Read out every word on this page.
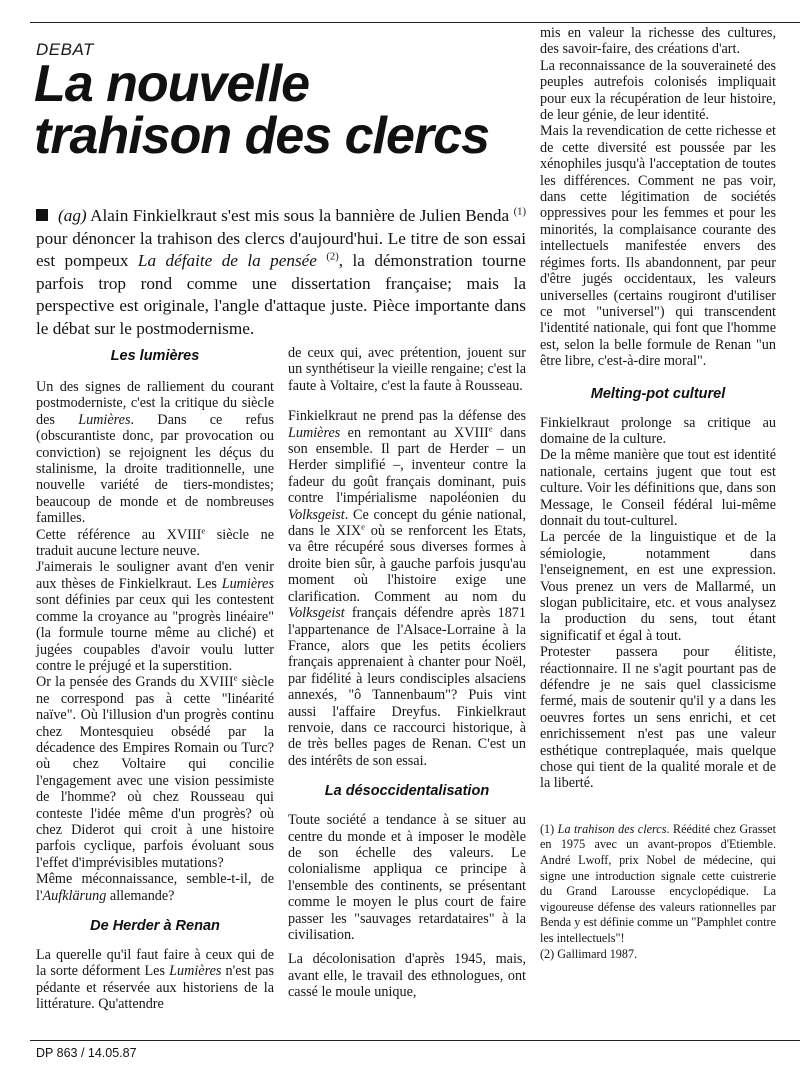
DEBAT
La nouvelle
trahison des clercs

(ag) Alain Finkielkraut s'est mis sous la bannière de Julien Benda $^{(1)}$ pour dénoncer la trahison des clercs d'aujourd'hui. Le titre de son essai est pompeux La défaite de la pensée $^{(2)}$, la démonstration tourne parfois trop rond comme une dissertation française; mais la perspective est originale, l'angle d'attaque juste. Pièce importante dans le débat sur le postmodernisme.

Les lumières

Un des signes de ralliement du courant postmoderniste, c'est la critique du siècle des Lumières. Dans ce refus (obscurantiste donc, par provocation ou conviction) se rejoignent les déçus du stalinisme, la droite traditionnelle, une nouvelle variété de tiers-mondistes; beaucoup de monde et de nombreuses familles.

Cette référence au XVIIIe siècle ne traduit aucune lecture neuve.

J'aimerais le souligner avant d'en venir aux thèses de Finkielkraut. Les Lumières sont définies par ceux qui les contestent comme la croyance au "progrès linéaire" (la formule tourne même au cliché) et jugées coupables d'avoir voulu lutter contre le préjugé et la superstition.

Or la pensée des Grands du XVIIIe siècle ne correspond pas à cette "linéarité naïve". Où l'illusion d'un progrès continu chez Montesquieu obsédé par la décadence des Empires Romain ou Turc? où chez Voltaire qui concilie l'engagement avec une vision pessimiste de l'homme? où chez Rousseau qui conteste l'idée même d'un progrès? où chez Diderot qui croit à une histoire parfois cyclique, parfois évoluant sous l'effet d'imprévisibles mutations?

Même méconnaissance, semble-t-il, de l'Aufklärung allemande?

De Herder à Renan

La querelle qu'il faut faire à ceux qui de la sorte déforment Les Lumières n'est pas pédante et réservée aux historiens de la littérature. Qu'attendre

de ceux qui, avec prétention, jouent sur un synthétiseur la vieille rengaine; c'est la faute à Voltaire, c'est la faute à Rousseau.

Finkielkraut ne prend pas la défense des Lumières en remontant au XVIIIe dans son ensemble. Il part de Herder – un Herder simplifié –, inventeur contre la fadeur du goût français dominant, puis contre l'impérialisme napoléonien du Volksgeist. Ce concept du génie national, dans le XIXe où se renforcent les Etats, va être récupéré sous diverses formes à droite bien sûr, à gauche parfois jusqu'au moment où l'histoire exige une clarification. Comment au nom du Volksgeist français défendre après 1871 l'appartenance de l'Alsace-Lorraine à la France, alors que les petits écoliers français apprenaient à chanter pour Noël, par fidélité à leurs condisciples alsaciens annexés, "ô Tannenbaum"? Puis vint aussi l'affaire Dreyfus. Finkielkraut renvoie, dans ce raccourci historique, à de très belles pages de Renan. C'est un des intérêts de son essai.

La désoccidentalisation

Toute société a tendance à se situer au centre du monde et à imposer le modèle de son échelle des valeurs. Le colonialisme appliqua ce principe à l'ensemble des continents, se présentant comme le moyen le plus court de faire passer les "sauvages retardataires" à la civilisation.

La décolonisation d'après 1945, mais, avant elle, le travail des ethnologues, ont cassé le moule unique,

mis en valeur la richesse des cultures, des savoir-faire, des créations d'art.

La reconnaissance de la souveraineté des peuples autrefois colonisés impliquait pour eux la récupération de leur histoire, de leur génie, de leur identité.

Mais la revendication de cette richesse et de cette diversité est poussée par les xénophiles jusqu'à l'acceptation de toutes les différences. Comment ne pas voir, dans cette légitimation de sociétés oppressives pour les femmes et pour les minorités, la complaisance courante des intellectuels manifestée envers des régimes forts. Ils abandonnent, par peur d'être jugés occidentaux, les valeurs universelles (certains rougiront d'utiliser ce mot "universel") qui transcendent l'identité nationale, qui font que l'homme est, selon la belle formule de Renan "un être libre, c'est-à-dire moral".

Melting-pot culturel

Finkielkraut prolonge sa critique au domaine de la culture.

De la même manière que tout est identité nationale, certains jugent que tout est culture. Voir les définitions que, dans son Message, le Conseil fédéral lui-même donnait du tout-culturel.

La percée de la linguistique et de la sémiologie, notamment dans l'enseignement, en est une expression. Vous prenez un vers de Mallarmé, un slogan publicitaire, etc. et vous analysez la production du sens, tout étant significatif et égal à tout.

Protester passera pour élitiste, réactionnaire. Il ne s'agit pourtant pas de défendre je ne sais quel classicisme fermé, mais de soutenir qu'il y a dans les oeuvres fortes un sens enrichi, et cet enrichissement n'est pas une valeur esthétique contreplaquée, mais quelque chose qui tient de la qualité morale et de la liberté.

(1) La trahison des clercs. Réédité chez Grasset en 1975 avec un avant-propos d'Etiemble. André Lwoff, prix Nobel de médecine, qui signe une introduction signale cette cuistrerie du Grand Larousse encyclopédique. La vigoureuse défense des valeurs rationnelles par Benda y est définie comme un "Pamphlet contre les intellectuels"!

(2) Gallimard 1987.

DP 863 / 14.05.87
